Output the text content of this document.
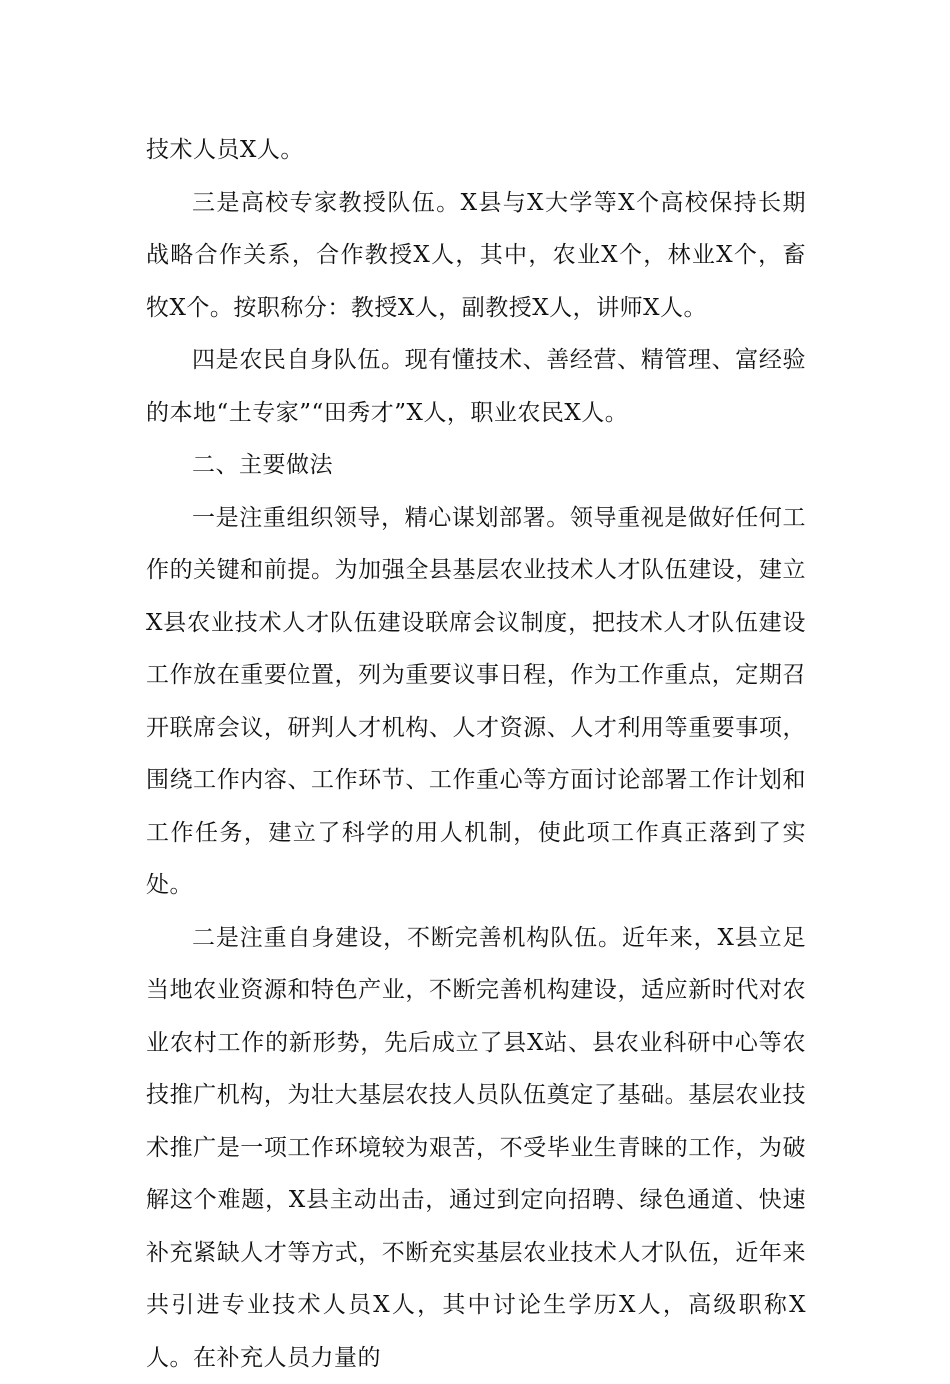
技术人员X人。

三是高校专家教授队伍。X县与X大学等X个高校保持长期战略合作关系，合作教授X人，其中，农业X个，林业X个，畜牧X个。按职称分：教授X人，副教授X人，讲师X人。

四是农民自身队伍。现有懂技术、善经营、精管理、富经验的本地“土专家”“田秀才”X人，职业农民X人。

二、主要做法

一是注重组织领导，精心谋划部署。领导重视是做好任何工作的关键和前提。为加强全县基层农业技术人才队伍建设，建立X县农业技术人才队伍建设联席会议制度，把技术人才队伍建设工作放在重要位置，列为重要议事日程，作为工作重点，定期召开联席会议，研判人才机构、人才资源、人才利用等重要事项，围绕工作内容、工作环节、工作重心等方面讨论部署工作计划和工作任务，建立了科学的用人机制，使此项工作真正落到了实处。

二是注重自身建设，不断完善机构队伍。近年来，X县立足当地农业资源和特色产业，不断完善机构建设，适应新时代对农业农村工作的新形势，先后成立了县X站、县农业科研中心等农技推广机构，为壮大基层农技人员队伍奠定了基础。基层农业技术推广是一项工作环境较为艰苦，不受毕业生青睐的工作，为破解这个难题，X县主动出击，通过到定向招聘、绿色通道、快速补充紧缺人才等方式，不断充实基层农业技术人才队伍，近年来共引进专业技术人员X人，其中讨论生学历X人，高级职称X人。在补充人员力量的
